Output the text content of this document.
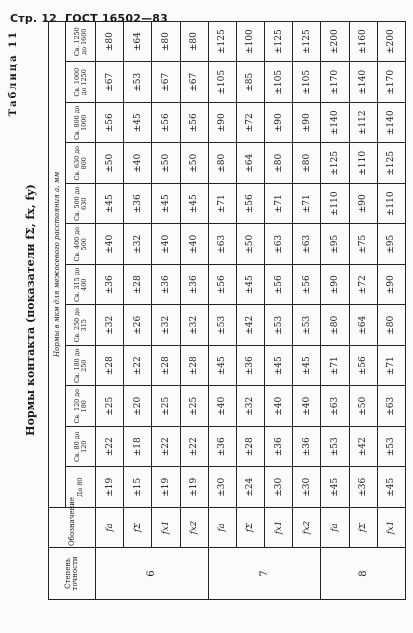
Стр. 12 ГОСТ 16502—83
Таблица 11
Нормы контакта (показатели fΣ, fx, fy)
Степень точности	Обозначение	Нормы в мкм для межосевого расстояния a, мм											
		До 80	Св. 80 до 120	Св. 120 до 180	Св. 180 до 250	Св. 250 до 315	Св. 315 до 400	Св. 400 до 500	Св. 500 до 630	Св. 630 до 800	Св. 800 до 1000	Св. 1000 до 1250	Св. 1250 до 1600
6	fa	±19	±22	±25	±28	±32	±36	±40	±45	±50	±56	±67	±80
	fΣ	±15	±18	±20	±22	±26	±28	±32	±36	±40	±45	±53	±64
	fx1	±19	±22	±25	±28	±32	±36	±40	±45	±50	±56	±67	±80
	fx2	±19	±22	±25	±28	±32	±36	±40	±45	±50	±56	±67	±80
7	fa	±30	±36	±40	±45	±53	±56	±63	±71	±80	±90	±105	±125
	fΣ	±24	±28	±32	±36	±42	±45	±50	±56	±64	±72	±85	±100
	fx1	±30	±36	±40	±45	±53	±56	±63	±71	±80	±90	±105	±125
	fx2	±30	±36	±40	±45	±53	±56	±63	±71	±80	±90	±105	±125
8	fa	±45	±53	±63	±71	±80	±90	±95	±110	±125	±140	±170	±200
	fΣ	±36	±42	±50	±56	±64	±72	±75	±90	±110	±112	±140	±160
	fx1	±45	±53	±63	±71	±80	±90	±95	±110	±125	±140	±170	±200
